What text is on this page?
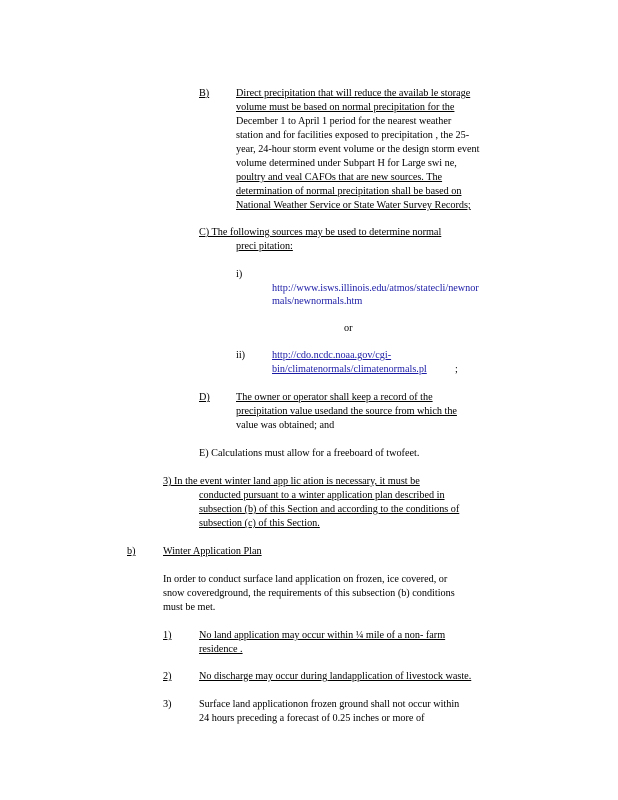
B)	Direct precipitation that will reduce the availab le storage
volume must be based on normal precipitation for the
December 1 to April 1 period for the nearest weather
station and for facilities exposed to precipitation , the 25-
year, 24-hour storm event volume or the design storm event
volume determined under Subpart H for Large swi ne,
poultry and veal CAFOs that are new sources. The
determination of normal precipitation shall be based on
National Weather Service or State Water Survey Records;
C) The following sources may be used to determine normal
preci pitation:
i)
http://www.isws.illinois.edu/atmos/statecli/newnor
mals/newnormals.htm
or
ii)	http://cdo.ncdc.noaa.gov/cgi-
bin/climatenormals/climatenormals.pl	;
D)	The owner or operator shall keep a record of the
precipitation value usedand the source from which the
value was obtained; and
E) Calculations must allow for a freeboard of twofeet.
3) In the event winter land app lic ation is necessary, it must be
conducted pursuant to a winter application plan described in
subsection (b) of this Section and according to the conditions of
subsection (c) of this Section.
b)	Winter Application Plan
In order to conduct surface land application on frozen, ice covered, or
snow coveredground, the requirements of this subsection (b) conditions
must be met.
1)	No land application may occur within ¼ mile of a non- farm
residence .
2)	No discharge may occur during landapplication of livestock waste.
3)	Surface land applicationon frozen ground shall not occur within
24 hours preceding a forecast of 0.25 inches or more of
